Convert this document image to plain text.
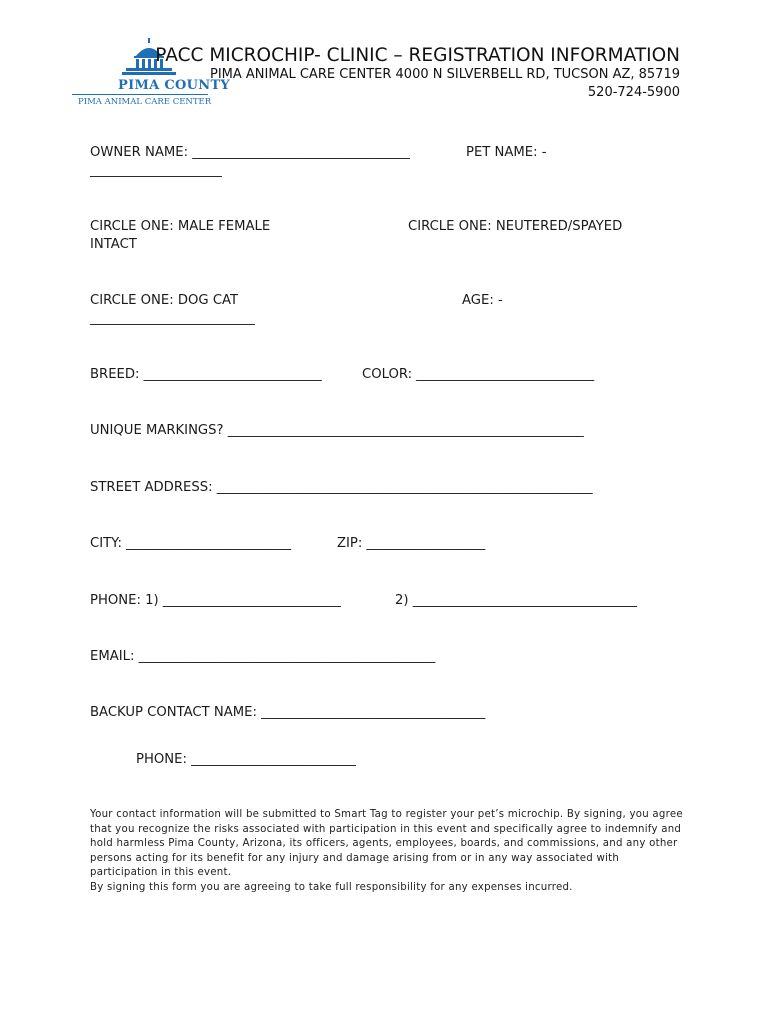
PIMA COUNTY
PIMA ANIMAL CARE CENTER
PACC MICROCHIP- CLINIC – REGISTRATION INFORMATION
PIMA ANIMAL CARE CENTER 4000 N SILVERBELL RD, TUCSON AZ, 85719
520-724-5900
OWNER NAME: _________________________________	PET NAME: -
____________________
CIRCLE ONE: MALE FEMALE
INTACT
CIRCLE ONE: NEUTERED/SPAYED
CIRCLE ONE: DOG CAT	AGE: -
_________________________
BREED: ___________________________	COLOR: ___________________________
UNIQUE MARKINGS? ______________________________________________________
STREET ADDRESS: _________________________________________________________
CITY: _________________________	ZIP: __________________
PHONE: 1) ___________________________	2) __________________________________
EMAIL: _____________________________________________
BACKUP CONTACT NAME: __________________________________
PHONE: _________________________

Your contact information will be submitted to Smart Tag to register your pet’s microchip. By signing, you agree that you recognize the risks associated with participation in this event and specifically agree to indemnify and hold harmless Pima County, Arizona, its officers, agents, employees, boards, and commissions, and any other persons acting for its benefit for any injury and damage arising from or in any way associated with participation in this event.

By signing this form you are agreeing to take full responsibility for any expenses incurred.
